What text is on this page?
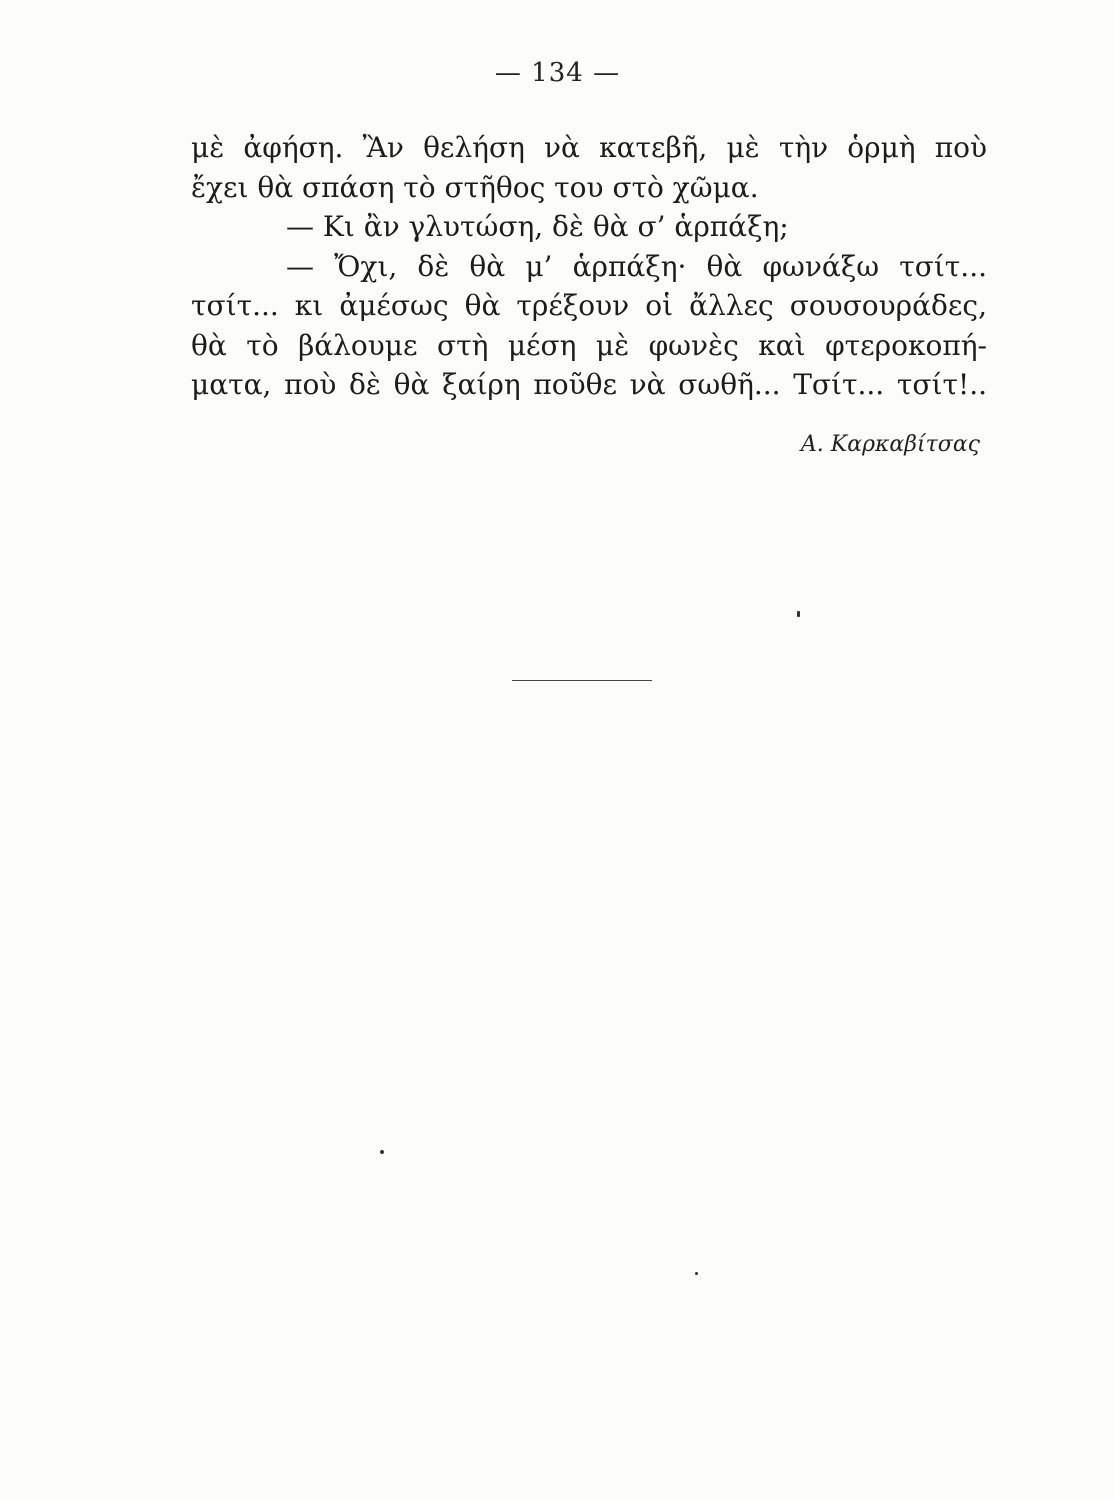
— 134 —
μὲ ἀφήση. Ἂν θελήση νὰ κατεβῆ, μὲ τὴν ὁρμὴ ποὺ
ἔχει θὰ σπάση τὸ στῆθος του στὸ χῶμα.
— Κι ἂν γλυτώση, δὲ θὰ σ’ ἁρπάξη;
— Ὄχι, δὲ θὰ μ’ ἁρπάξη· θὰ φωνάξω τσίτ...
τσίτ... κι ἀμέσως θὰ τρέξουν οἱ ἄλλες σουσουράδες,
θὰ τὸ βάλουμε στὴ μέση μὲ φωνὲς καὶ φτεροκοπή-
ματα, ποὺ δὲ θὰ ξαίρη ποῦθε νὰ σωθῆ... Τσίτ... τσίτ!..
Α. Καρκαβίτσας
